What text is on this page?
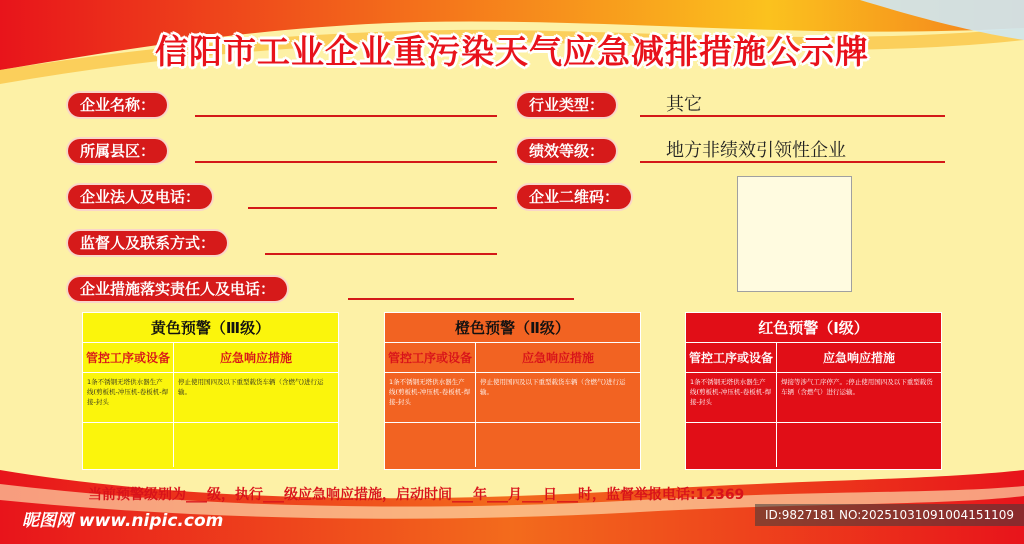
信阳市工业企业重污染天气应急减排措施公示牌
企业名称：
所属县区：
企业法人及电话：
监督人及联系方式：
企业措施落实责任人及电话：
行业类型：	其它
绩效等级：	地方非绩效引领性企业
企业二维码：
黄色预警（Ⅲ级）
管控工序或设备	应急响应措施
1条不锈钢无塔供水器生产线(剪板机-冲压机-卷板机-焊接-封头
停止使用国四及以下重型载货车辆（含燃气)进行运输。
橙色预警（Ⅱ级）
管控工序或设备	应急响应措施
1条不锈钢无塔供水器生产线(剪板机-冲压机-卷板机-焊接-封头
停止使用国四及以下重型载货车辆（含燃气)进行运输。
红色预警（Ⅰ级）
管控工序或设备	应急响应措施
1条不锈钢无塔供水器生产线(剪板机-冲压机-卷板机-焊接-封头
焊接等涉气工序停产。;停止使用国四及以下重型载货车辆（含燃气）进行运输。
当前预警级别为___级，执行___级应急响应措施，启动时间___年___月___日___时，监督举报电话:12369
昵图网 www.nipic.com	ID:9827181 NO:20251031091004151109
